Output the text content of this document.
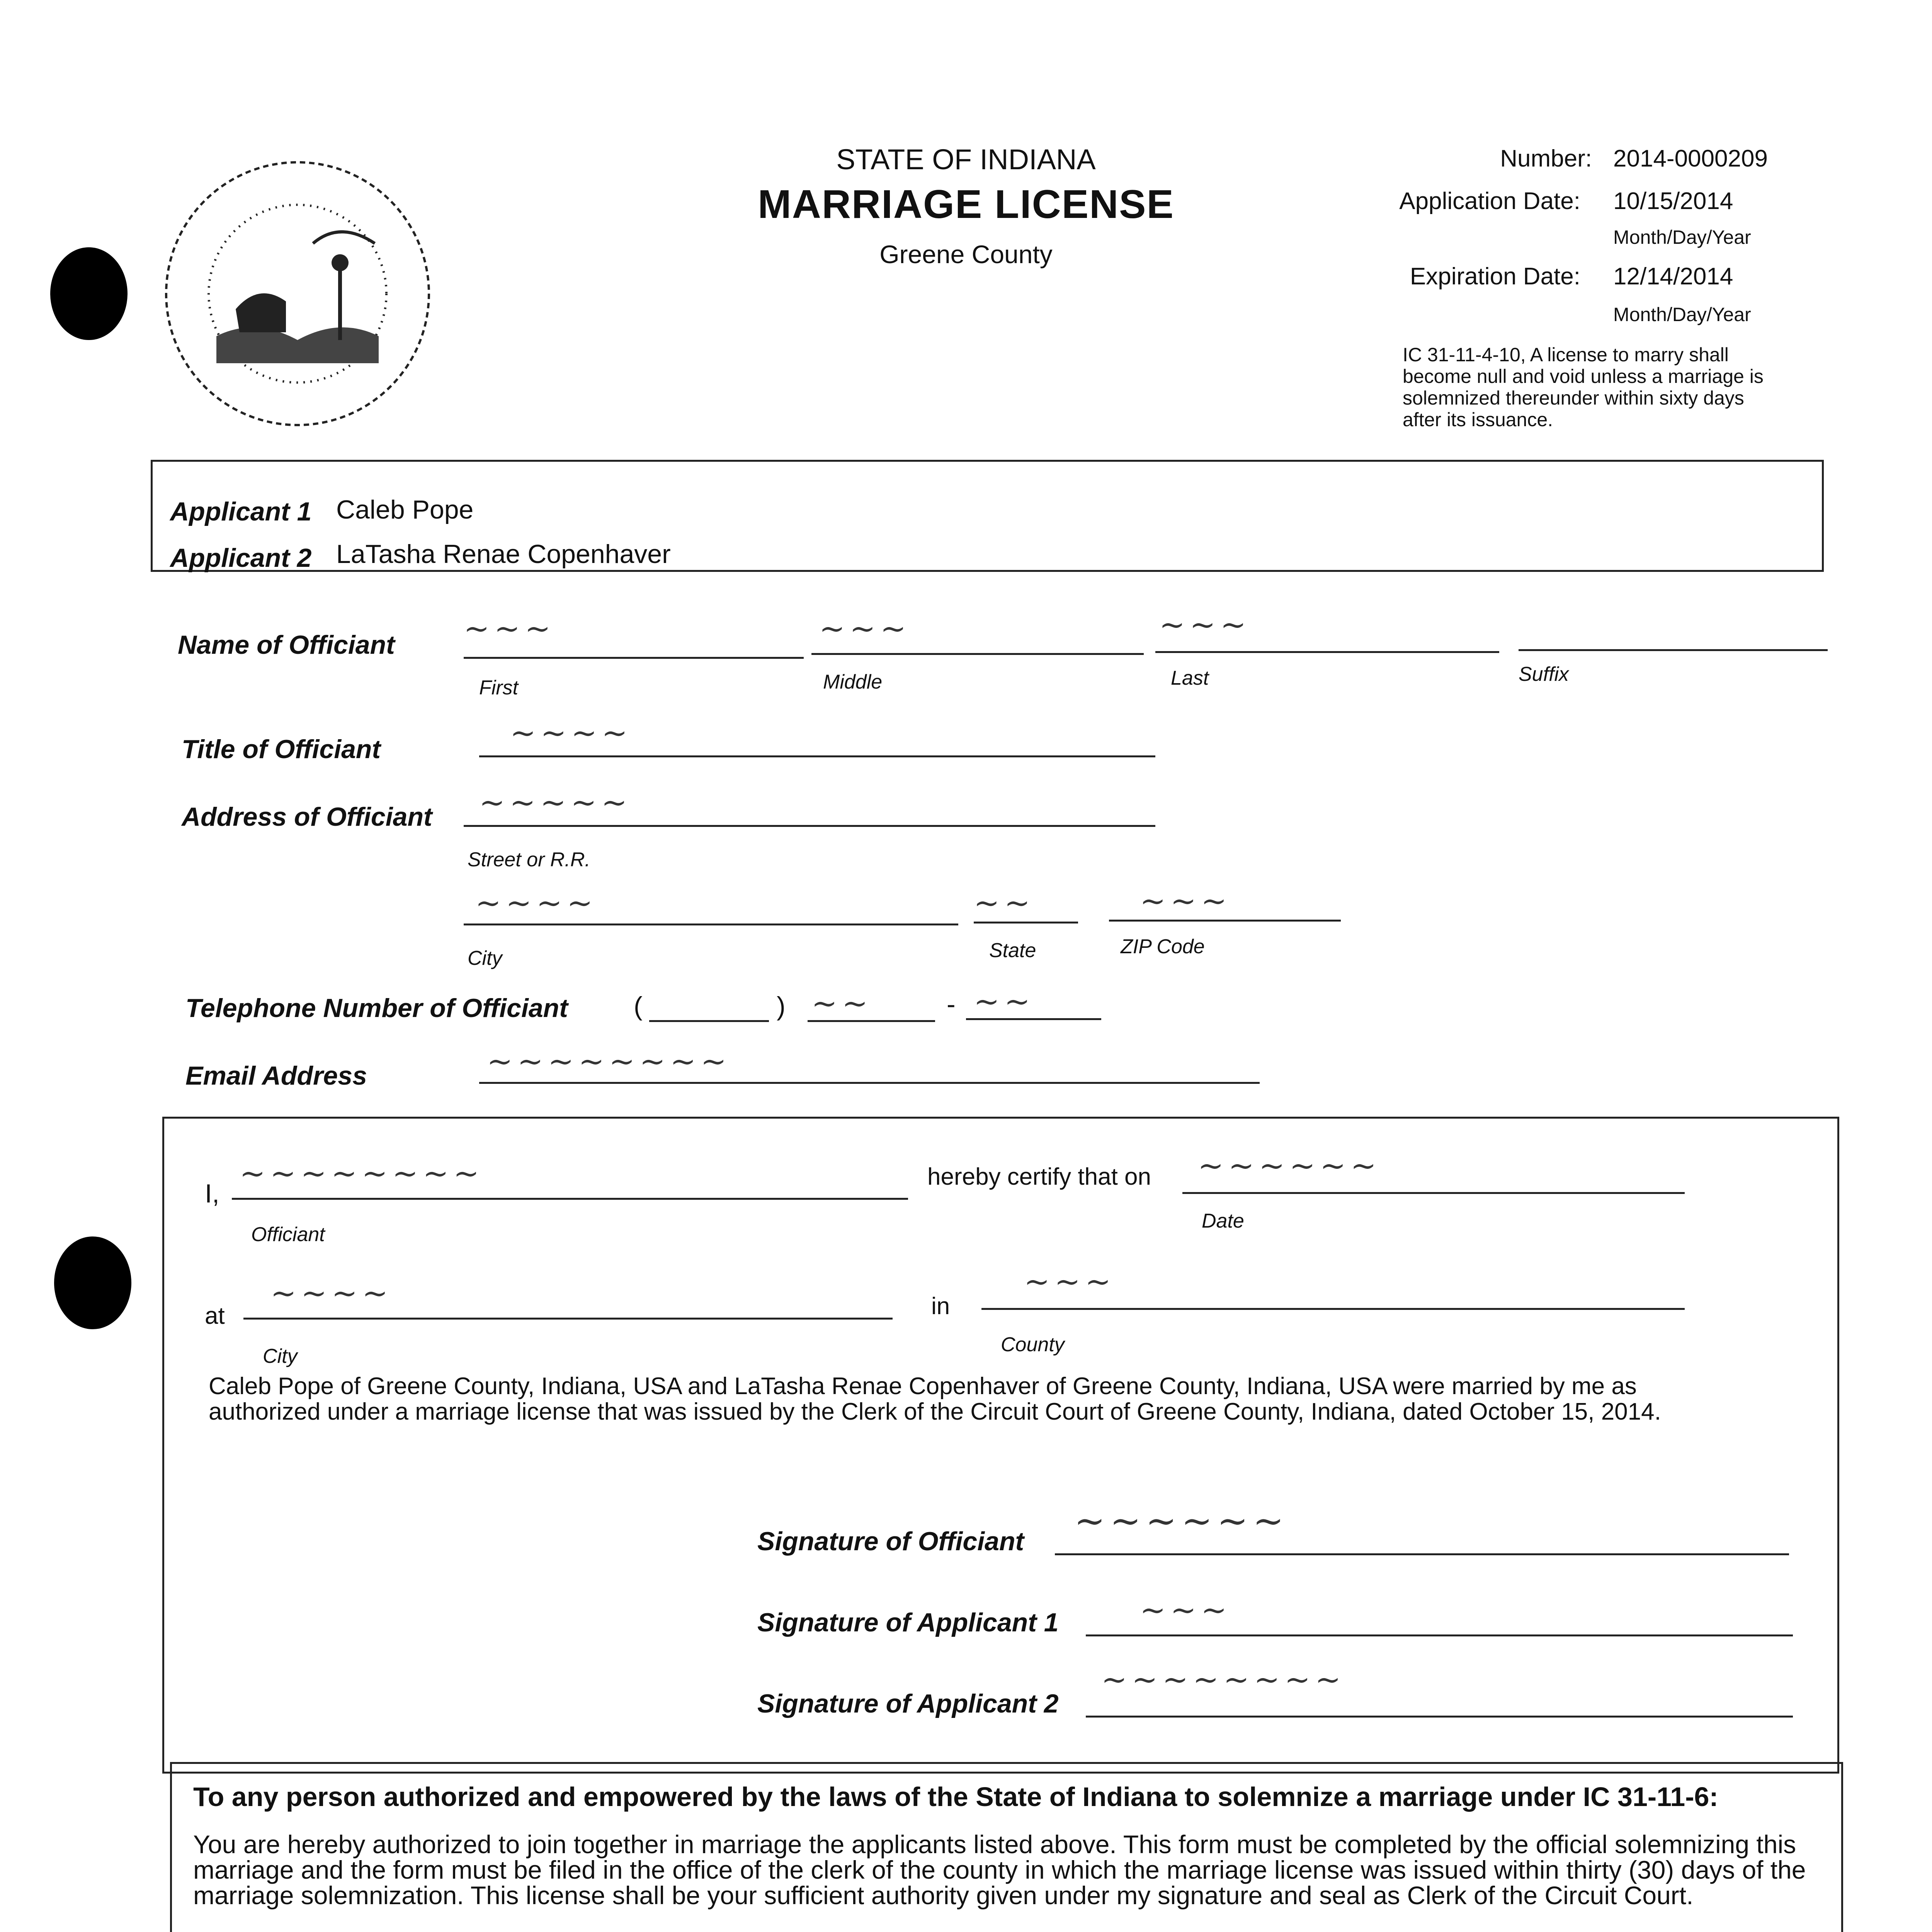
STATE OF INDIANA
MARRIAGE LICENSE
Greene County
Number: 2014-0000209
Application Date: 10/15/2014
Month/Day/Year
Expiration Date: 12/14/2014
Month/Day/Year
IC 31-11-4-10, A license to marry shall become null and void unless a marriage is solemnized thereunder within sixty days after its issuance.
Applicant 1 Caleb Pope
Applicant 2 LaTasha Renae Copenhaver
Name of Officiant ~~~
First
~~~
Middle
~~~
Last	Suffix
Title of Officiant	~~~~
Address of Officiant ~~~~~
Street or R.R.
~~~~
City
~~
State
~~~
ZIP Code
Telephone Number of Officiant	(	) ~~	- ~~
Email Address	~~~~~~~~
I,
~~~~~~~~
Officiant
hereby certify that on ~~~~~~
Date
at
~~~~
City
in
~~~
County
Caleb Pope of Greene County, Indiana, USA and LaTasha Renae Copenhaver of Greene County, Indiana, USA were married by me as authorized under a marriage license that was issued by the Clerk of the Circuit Court of Greene County, Indiana, dated October 15, 2014.
Signature of Officiant ~~~~~~
Signature of Applicant 1	~~~
Signature of Applicant 2
~~~~~~~~
To any person authorized and empowered by the laws of the State of Indiana to solemnize a marriage under IC 31-11-6:
You are hereby authorized to join together in marriage the applicants listed above. This form must be completed by the official solemnizing this marriage and the form must be filed in the office of the clerk of the county in which the marriage license was issued within thirty (30) days of the marriage solemnization. This license shall be your sufficient authority given under my signature and seal as Clerk of the Circuit Court.
